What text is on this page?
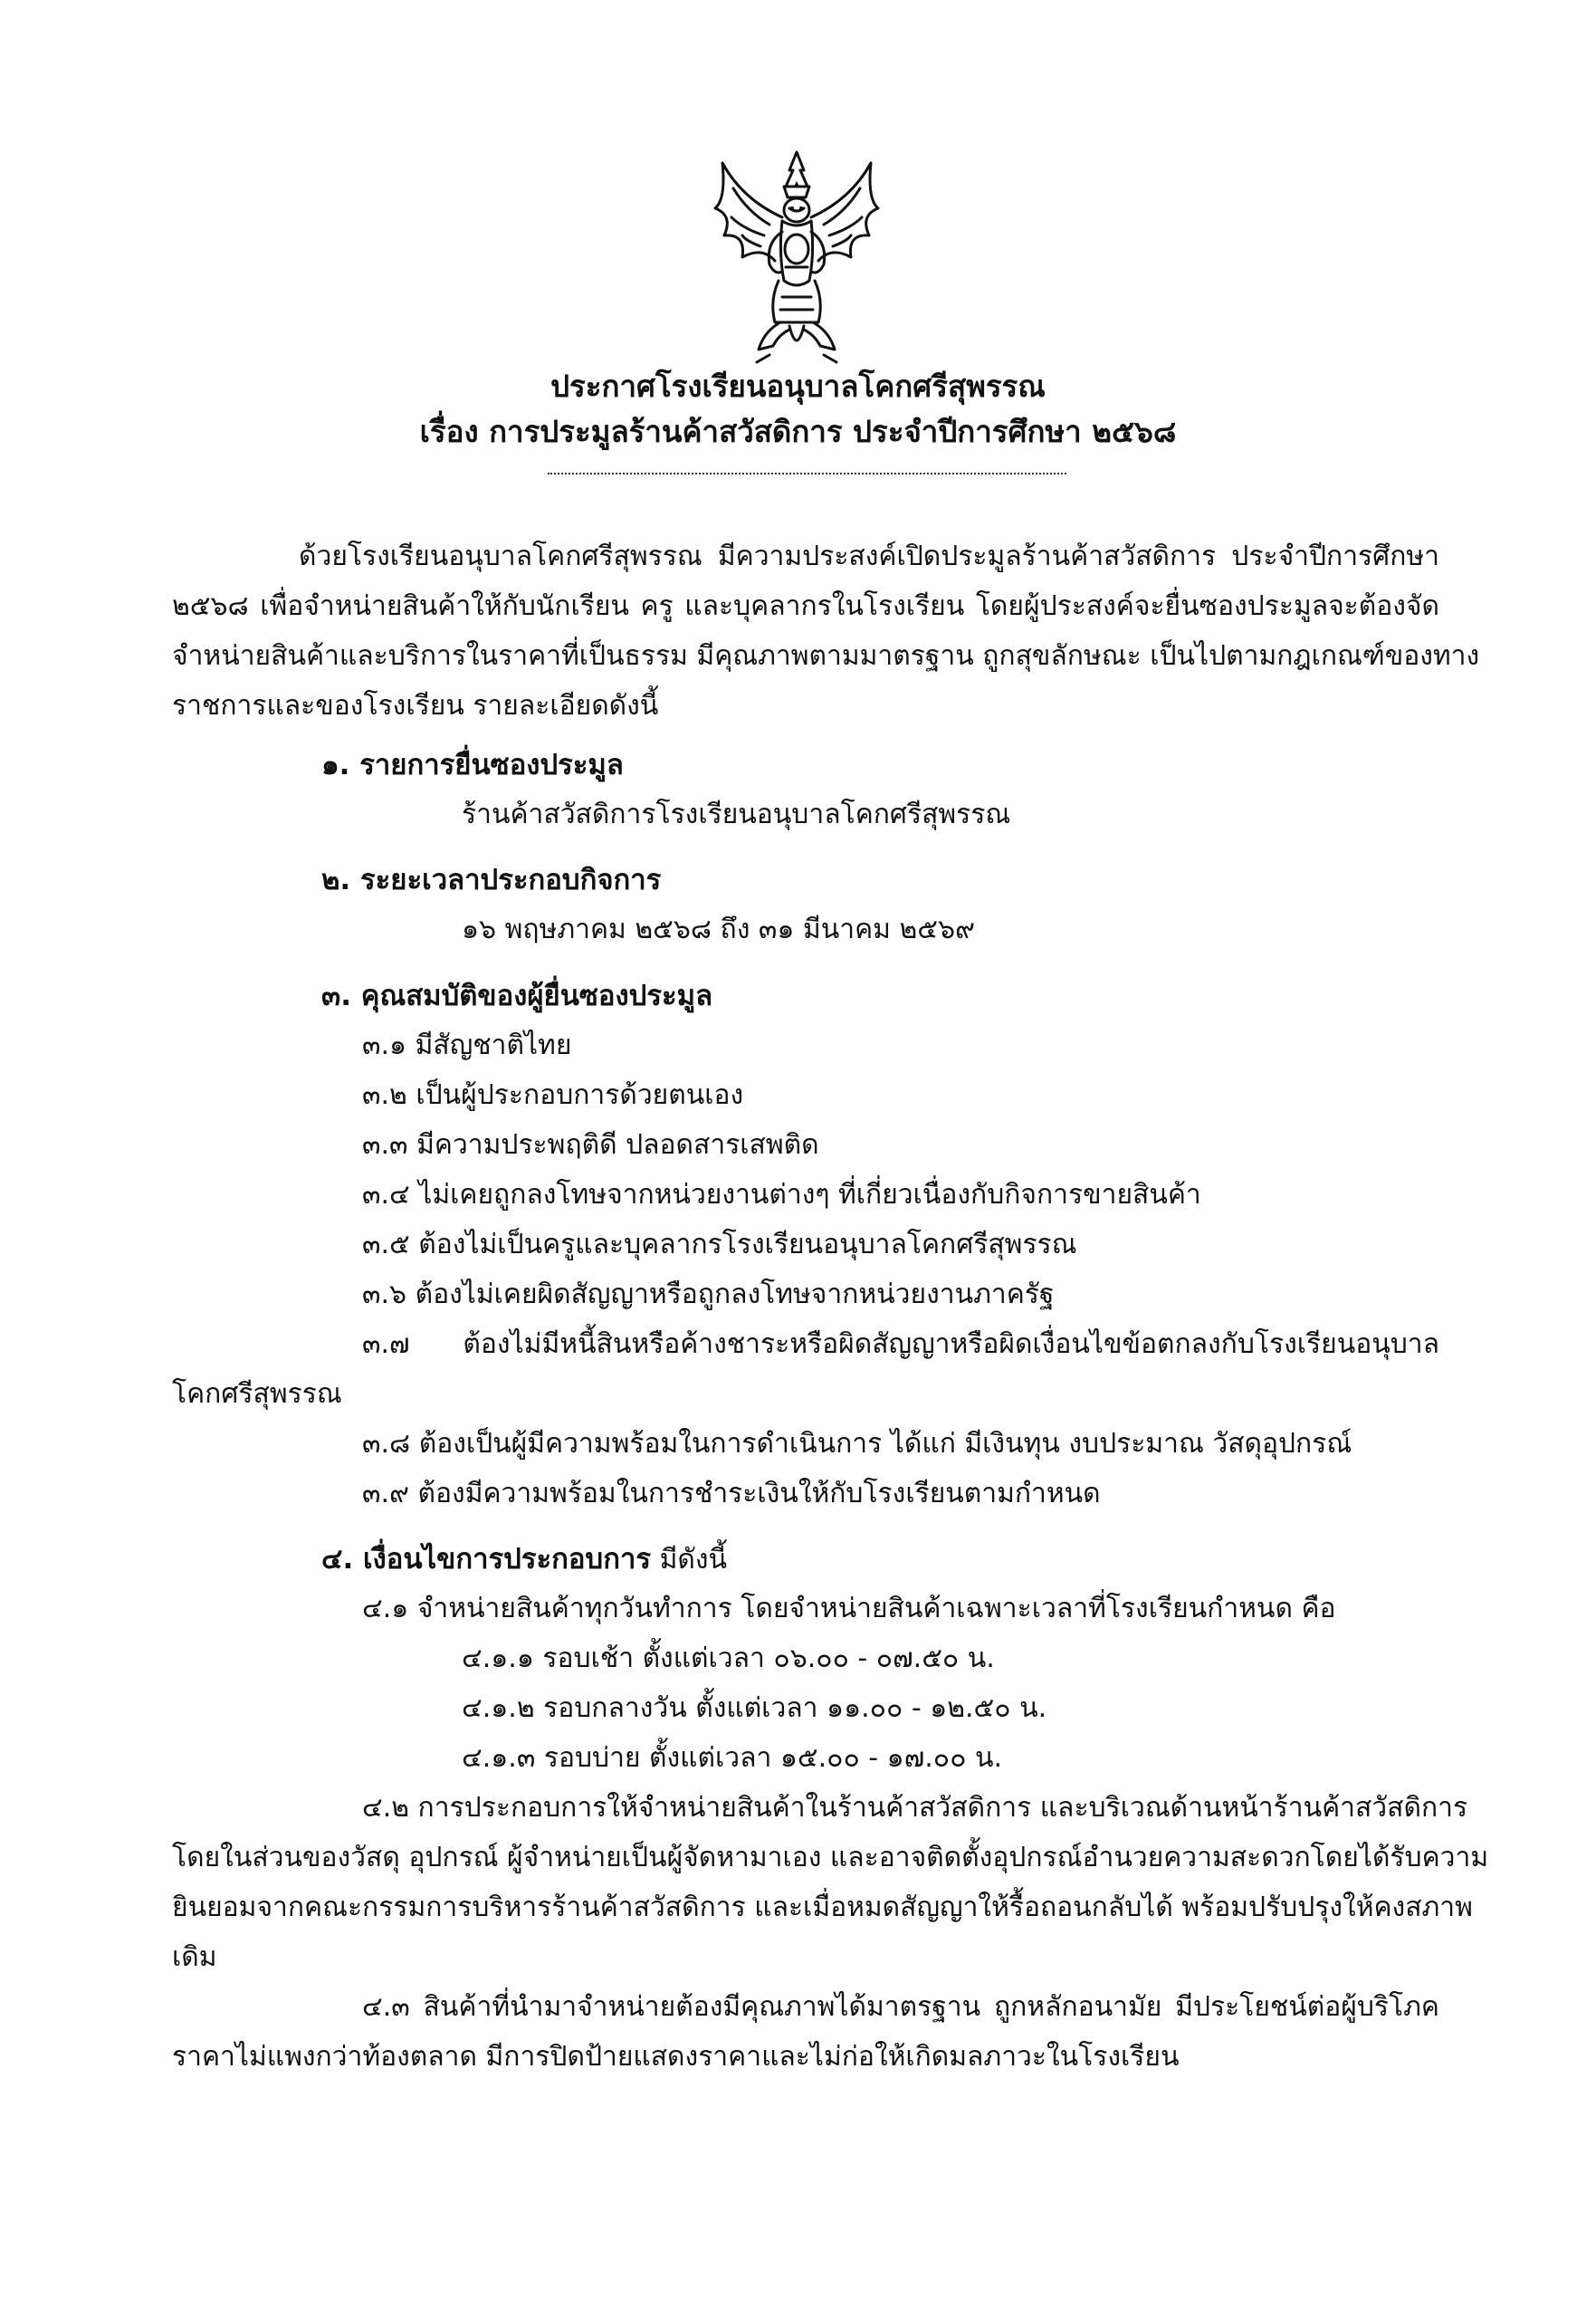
ประกาศโรงเรียนอนุบาลโคกศรีสุพรรณ
เรื่อง การประมูลร้านค้าสวัสดิการ ประจำปีการศึกษา ๒๕๖๘
ด้วยโรงเรียนอนุบาลโคกศรีสุพรรณ มีความประสงค์เปิดประมูลร้านค้าสวัสดิการ ประจำปีการศึกษา
๒๕๖๘ เพื่อจำหน่ายสินค้าให้กับนักเรียน ครู และบุคลากรในโรงเรียน โดยผู้ประสงค์จะยื่นซองประมูลจะต้องจัด
จำหน่ายสินค้าและบริการในราคาที่เป็นธรรม มีคุณภาพตามมาตรฐาน ถูกสุขลักษณะ เป็นไปตามกฎเกณฑ์ของทาง
ราชการและของโรงเรียน รายละเอียดดังนี้
๑. รายการยื่นซองประมูล
ร้านค้าสวัสดิการโรงเรียนอนุบาลโคกศรีสุพรรณ
๒. ระยะเวลาประกอบกิจการ
๑๖ พฤษภาคม ๒๕๖๘ ถึง ๓๑ มีนาคม ๒๕๖๙
๓. คุณสมบัติของผู้ยื่นซองประมูล
๓.๑ มีสัญชาติไทย
๓.๒ เป็นผู้ประกอบการด้วยตนเอง
๓.๓ มีความประพฤติดี ปลอดสารเสพติด
๓.๔ ไม่เคยถูกลงโทษจากหน่วยงานต่างๆ ที่เกี่ยวเนื่องกับกิจการขายสินค้า
๓.๕ ต้องไม่เป็นครูและบุคลากรโรงเรียนอนุบาลโคกศรีสุพรรณ
๓.๖ ต้องไม่เคยผิดสัญญาหรือถูกลงโทษจากหน่วยงานภาครัฐ
๓.๗ ต้องไม่มีหนี้สินหรือค้างชาระหรือผิดสัญญาหรือผิดเงื่อนไขข้อตกลงกับโรงเรียนอนุบาล
โคกศรีสุพรรณ
๓.๘ ต้องเป็นผู้มีความพร้อมในการดำเนินการ ได้แก่ มีเงินทุน งบประมาณ วัสดุอุปกรณ์
๓.๙ ต้องมีความพร้อมในการชำระเงินให้กับโรงเรียนตามกำหนด
๔. เงื่อนไขการประกอบการ มีดังนี้
๔.๑ จำหน่ายสินค้าทุกวันทำการ โดยจำหน่ายสินค้าเฉพาะเวลาที่โรงเรียนกำหนด คือ
๔.๑.๑ รอบเช้า ตั้งแต่เวลา ๐๖.๐๐ - ๐๗.๕๐ น.
๔.๑.๒ รอบกลางวัน ตั้งแต่เวลา ๑๑.๐๐ - ๑๒.๕๐ น.
๔.๑.๓ รอบบ่าย ตั้งแต่เวลา ๑๕.๐๐ - ๑๗.๐๐ น.
๔.๒ การประกอบการให้จำหน่ายสินค้าในร้านค้าสวัสดิการ และบริเวณด้านหน้าร้านค้าสวัสดิการ
โดยในส่วนของวัสดุ อุปกรณ์ ผู้จำหน่ายเป็นผู้จัดหามาเอง และอาจติดตั้งอุปกรณ์อำนวยความสะดวกโดยได้รับความ
ยินยอมจากคณะกรรมการบริหารร้านค้าสวัสดิการ และเมื่อหมดสัญญาให้รื้อถอนกลับได้ พร้อมปรับปรุงให้คงสภาพ
เดิม
๔.๓ สินค้าที่นำมาจำหน่ายต้องมีคุณภาพได้มาตรฐาน ถูกหลักอนามัย มีประโยชน์ต่อผู้บริโภค
ราคาไม่แพงกว่าท้องตลาด มีการปิดป้ายแสดงราคาและไม่ก่อให้เกิดมลภาวะในโรงเรียน
